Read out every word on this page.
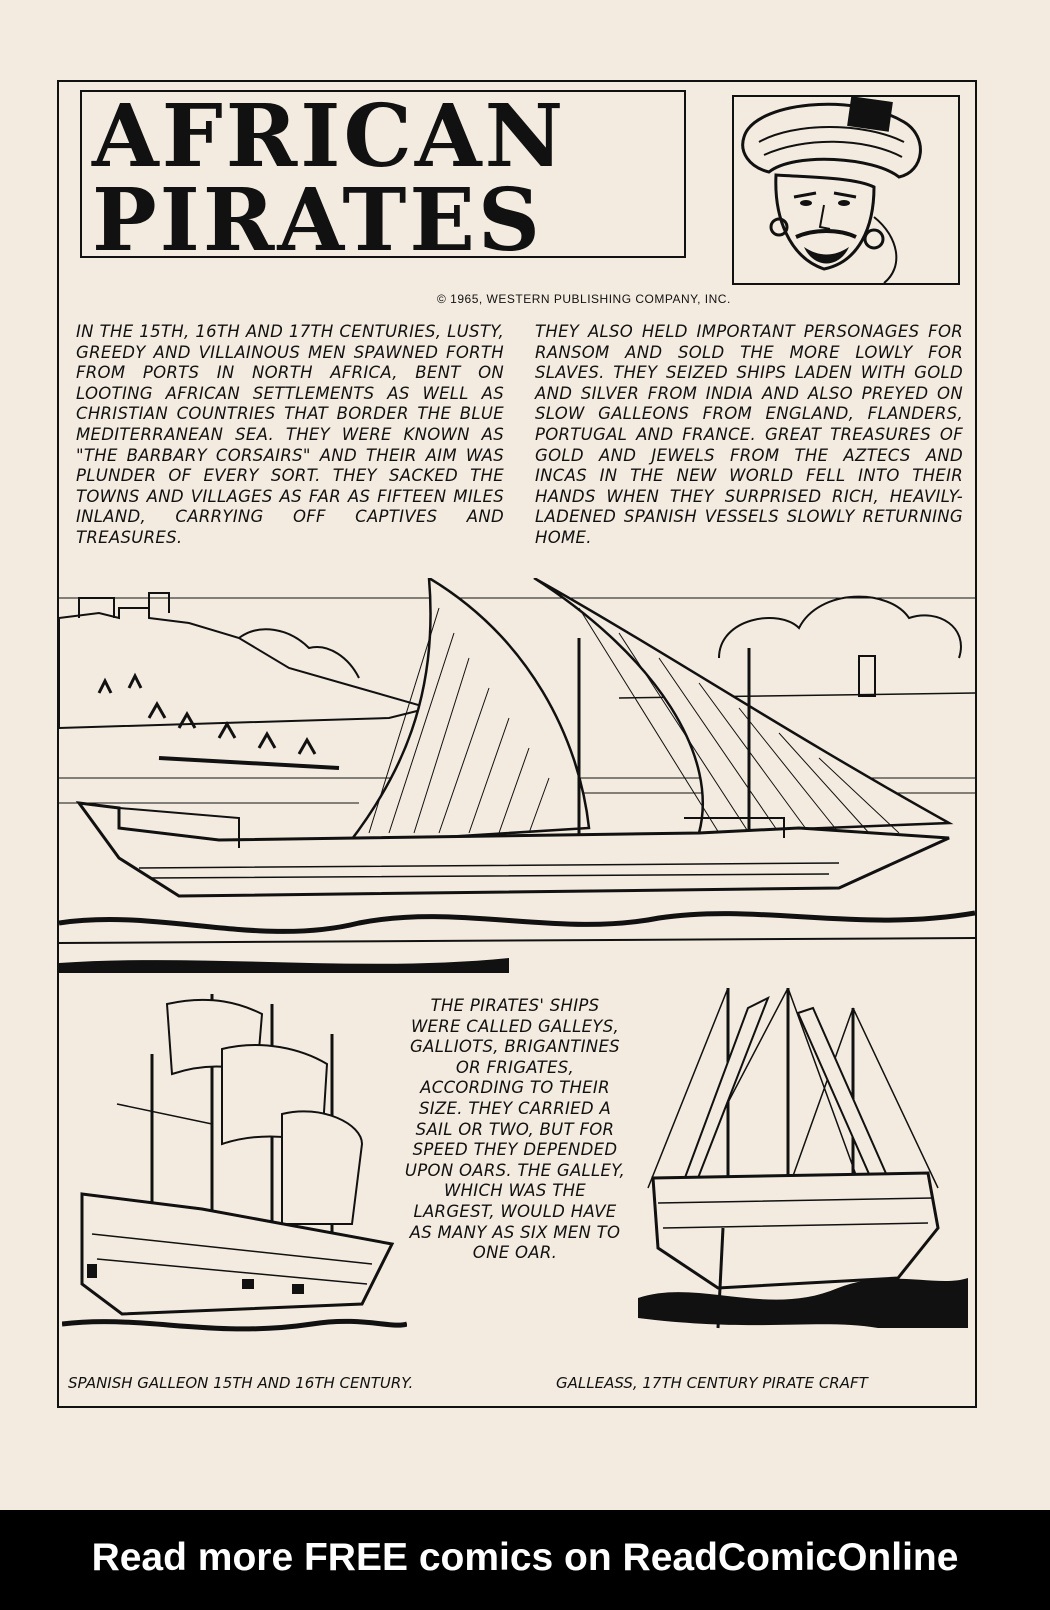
AFRICAN
PIRATES
© 1965, WESTERN PUBLISHING COMPANY, INC.
IN THE 15TH, 16TH AND 17TH CENTURIES, LUSTY, GREEDY AND VILLAINOUS MEN SPAWNED FORTH FROM PORTS IN NORTH AFRICA, BENT ON LOOTING AFRICAN SETTLEMENTS AS WELL AS CHRISTIAN COUNTRIES THAT BORDER THE BLUE MEDITERRANEAN SEA. THEY WERE KNOWN AS "THE BARBARY CORSAIRS" AND THEIR AIM WAS PLUNDER OF EVERY SORT. THEY SACKED THE TOWNS AND VILLAGES AS FAR AS FIFTEEN MILES INLAND, CARRYING OFF CAPTIVES AND TREASURES.
THEY ALSO HELD IMPORTANT PERSONAGES FOR RANSOM AND SOLD THE MORE LOWLY FOR SLAVES. THEY SEIZED SHIPS LADEN WITH GOLD AND SILVER FROM INDIA AND ALSO PREYED ON SLOW GALLEONS FROM ENGLAND, FLANDERS, PORTUGAL AND FRANCE. GREAT TREASURES OF GOLD AND JEWELS FROM THE AZTECS AND INCAS IN THE NEW WORLD FELL INTO THEIR HANDS WHEN THEY SURPRISED RICH, HEAVILY-LADENED SPANISH VESSELS SLOWLY RETURNING HOME.
THE PIRATES' SHIPS WERE CALLED GALLEYS, GALLIOTS, BRIGANTINES OR FRIGATES, ACCORDING TO THEIR SIZE. THEY CARRIED A SAIL OR TWO, BUT FOR SPEED THEY DEPENDED UPON OARS. THE GALLEY, WHICH WAS THE LARGEST, WOULD HAVE AS MANY AS SIX MEN TO ONE OAR.
SPANISH GALLEON 15TH AND 16TH CENTURY.	GALLEASS, 17TH CENTURY PIRATE CRAFT
Read more FREE comics on ReadComicOnline
